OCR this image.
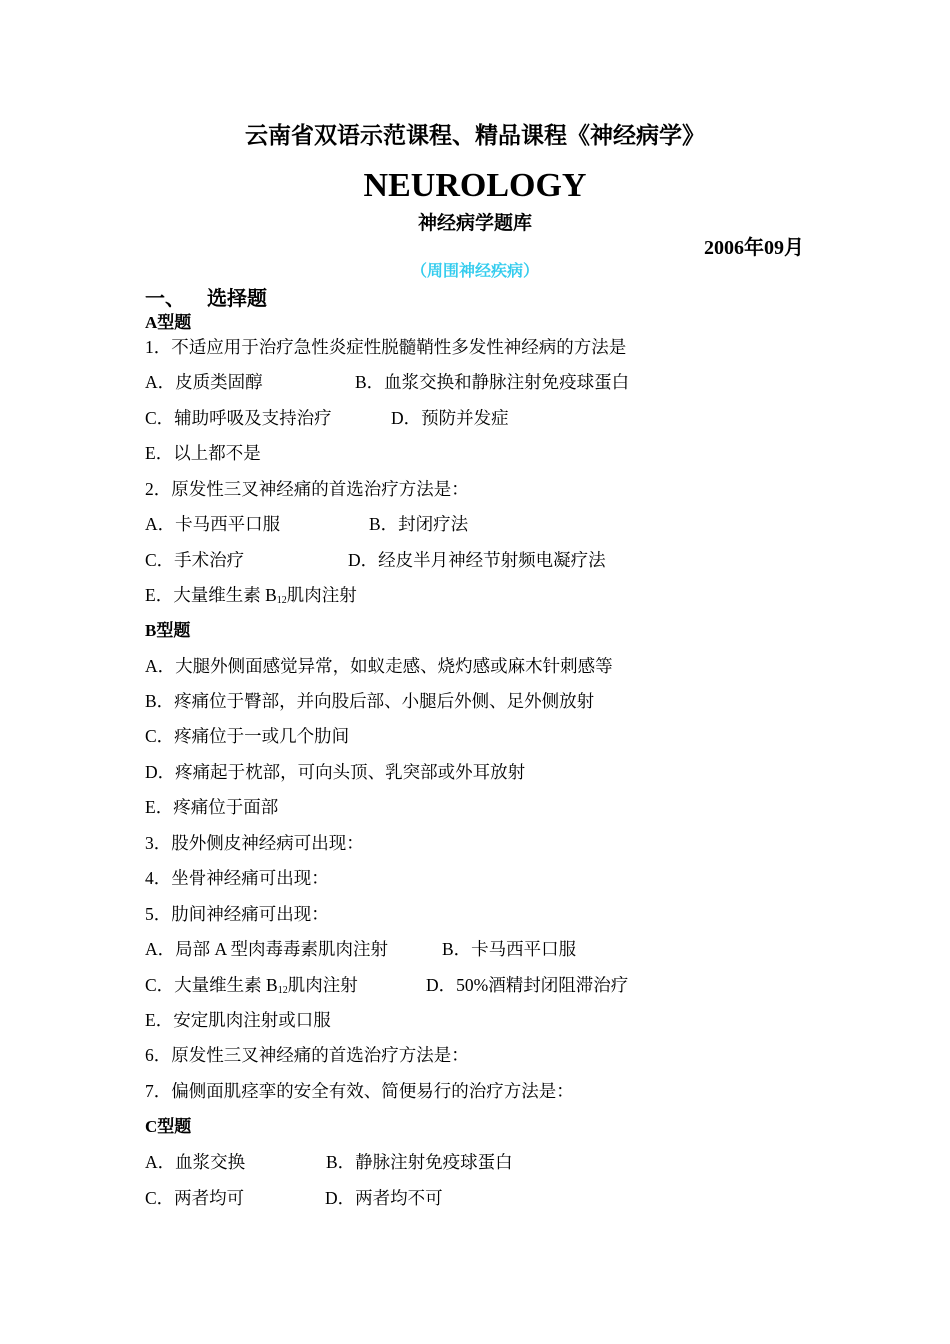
云南省双语示范课程、精品课程《神经病学》
NEUROLOGY
神经病学题库
2006年09月
（周围神经疾病）
一、 选择题
A型题
1．不适应用于治疗急性炎症性脱髓鞘性多发性神经病的方法是
A．皮质类固醇	B．血浆交换和静脉注射免疫球蛋白
C．辅助呼吸及支持治疗	D．预防并发症
E．以上都不是
2．原发性三叉神经痛的首选治疗方法是：
A．卡马西平口服	B．封闭疗法
C．手术治疗	D．经皮半月神经节射频电凝疗法
E．大量维生素 $B_{12}$肌肉注射
B型题
A．大腿外侧面感觉异常，如蚁走感、烧灼感或麻木针刺感等
B．疼痛位于臀部，并向股后部、小腿后外侧、足外侧放射
C．疼痛位于一或几个肋间
D．疼痛起于枕部，可向头顶、乳突部或外耳放射
E．疼痛位于面部
3．股外侧皮神经病可出现：
4．坐骨神经痛可出现：
5．肋间神经痛可出现：
A．局部 A 型肉毒毒素肌肉注射	B．卡马西平口服
C．大量维生素 $B_{12}$肌肉注射	D．50%酒精封闭阻滞治疗
E．安定肌肉注射或口服
6．原发性三叉神经痛的首选治疗方法是：
7．偏侧面肌痉挛的安全有效、简便易行的治疗方法是：
C型题
A．血浆交换	B．静脉注射免疫球蛋白
C．两者均可	D．两者均不可
